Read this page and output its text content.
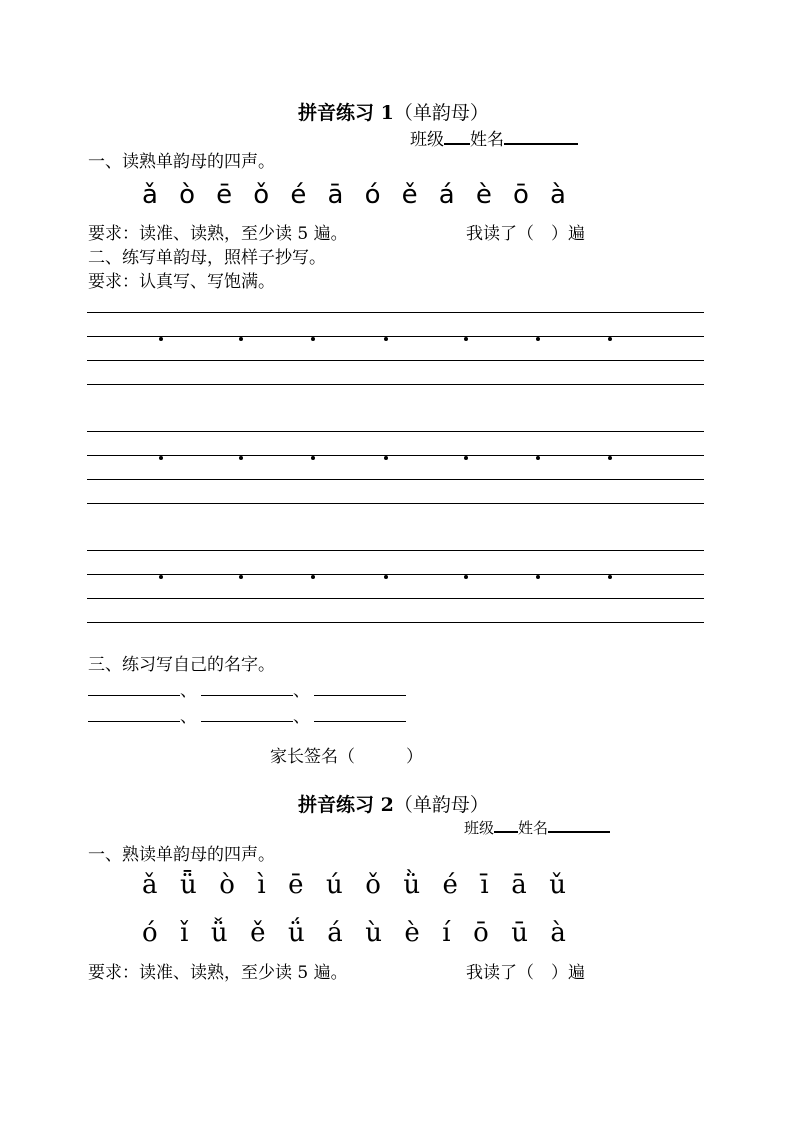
拼音练习 1（单韵母）
班级 姓名
一、读熟单韵母的四声。
ǎ ò ē ǒ é ā ó ě á è ō à
要求：读准、读熟，至少读 5 遍。	我读了（　）遍
二、练写单韵母，照样子抄写。
要求：认真写、写饱满。
三、练习写自己的名字。
、	、
、	、
家长签名（　　　）
拼音练习 2（单韵母）
班级 姓名
一、熟读单韵母的四声。
ǎ ǖ ò ì ē ú ǒ ǜ é ī ā ǔ
ó ǐ ǚ ě ǘ á ù è í ō ū à
要求：读准、读熟，至少读 5 遍。	我读了（　）遍
